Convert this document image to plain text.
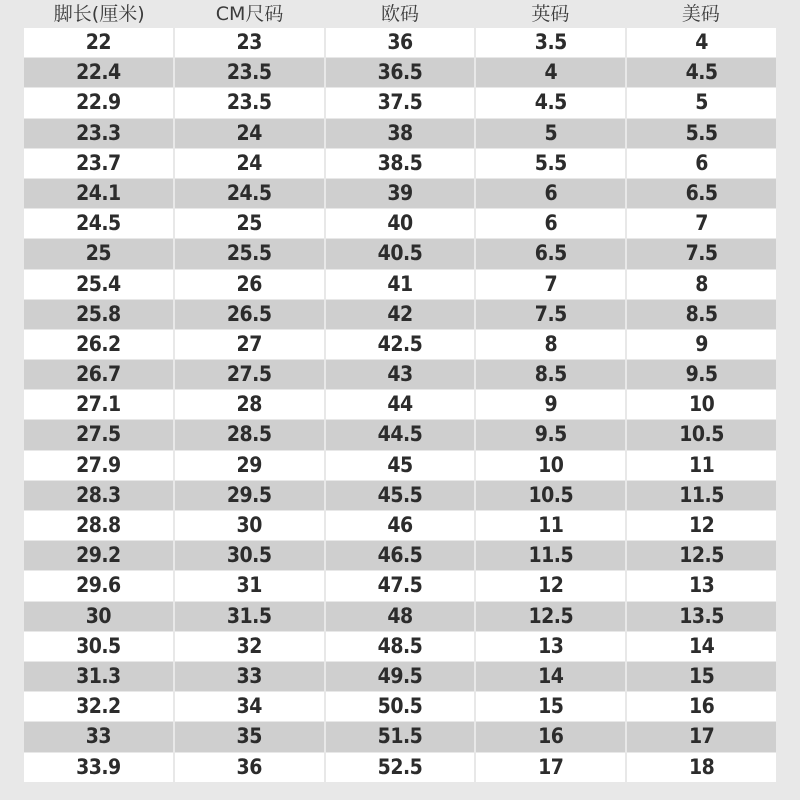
脚长(厘米)	CM尺码	欧码	英码	美码
22	23	36	3.5	4
22.4	23.5	36.5	4	4.5
22.9	23.5	37.5	4.5	5
23.3	24	38	5	5.5
23.7	24	38.5	5.5	6
24.1	24.5	39	6	6.5
24.5	25	40	6	7
25	25.5	40.5	6.5	7.5
25.4	26	41	7	8
25.8	26.5	42	7.5	8.5
26.2	27	42.5	8	9
26.7	27.5	43	8.5	9.5
27.1	28	44	9	10
27.5	28.5	44.5	9.5	10.5
27.9	29	45	10	11
28.3	29.5	45.5	10.5	11.5
28.8	30	46	11	12
29.2	30.5	46.5	11.5	12.5
29.6	31	47.5	12	13
30	31.5	48	12.5	13.5
30.5	32	48.5	13	14
31.3	33	49.5	14	15
32.2	34	50.5	15	16
33	35	51.5	16	17
33.9	36	52.5	17	18
